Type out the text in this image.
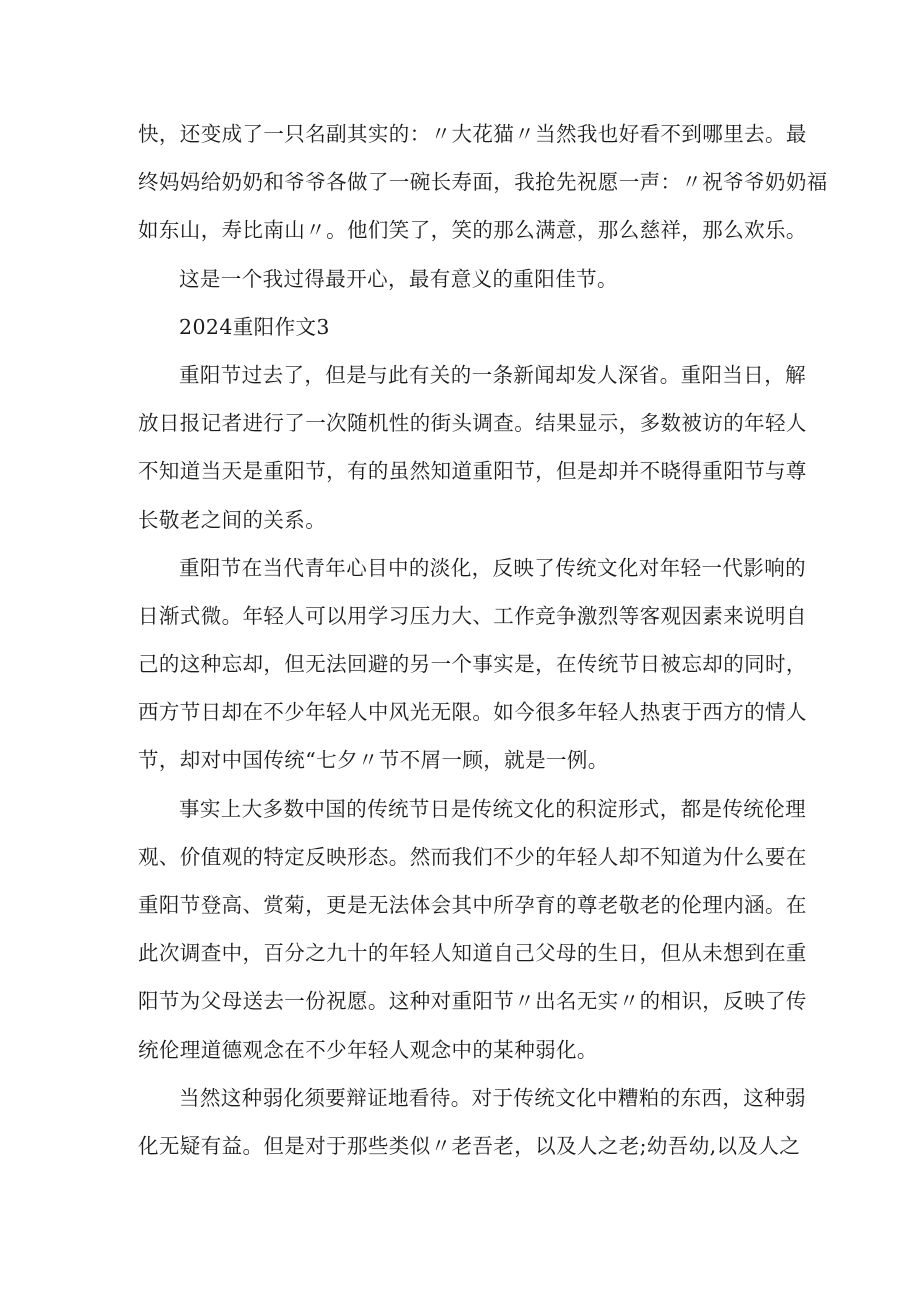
快，还变成了一只名副其实的：〃大花猫〃当然我也好看不到哪里去。最
终妈妈给奶奶和爷爷各做了一碗长寿面，我抢先祝愿一声：〃祝爷爷奶奶福
如东山，寿比南山〃。他们笑了，笑的那么满意，那么慈祥，那么欢乐。
这是一个我过得最开心，最有意义的重阳佳节。
2024重阳作文3
重阳节过去了，但是与此有关的一条新闻却发人深省。重阳当日，解
放日报记者进行了一次随机性的街头调查。结果显示，多数被访的年轻人
不知道当天是重阳节，有的虽然知道重阳节，但是却并不晓得重阳节与尊
长敬老之间的关系。
重阳节在当代青年心目中的淡化，反映了传统文化对年轻一代影响的
日渐式微。年轻人可以用学习压力大、工作竞争激烈等客观因素来说明自
己的这种忘却，但无法回避的另一个事实是，在传统节日被忘却的同时，
西方节日却在不少年轻人中风光无限。如今很多年轻人热衷于西方的情人
节，却对中国传统“七夕〃节不屑一顾，就是一例。
事实上大多数中国的传统节日是传统文化的积淀形式，都是传统伦理
观、价值观的特定反映形态。然而我们不少的年轻人却不知道为什么要在
重阳节登高、赏菊，更是无法体会其中所孕育的尊老敬老的伦理内涵。在
此次调查中，百分之九十的年轻人知道自己父母的生日，但从未想到在重
阳节为父母送去一份祝愿。这种对重阳节〃出名无实〃的相识，反映了传
统伦理道德观念在不少年轻人观念中的某种弱化。
当然这种弱化须要辩证地看待。对于传统文化中糟粕的东西，这种弱
化无疑有益。但是对于那些类似〃老吾老，以及人之老;幼吾幼,以及人之
